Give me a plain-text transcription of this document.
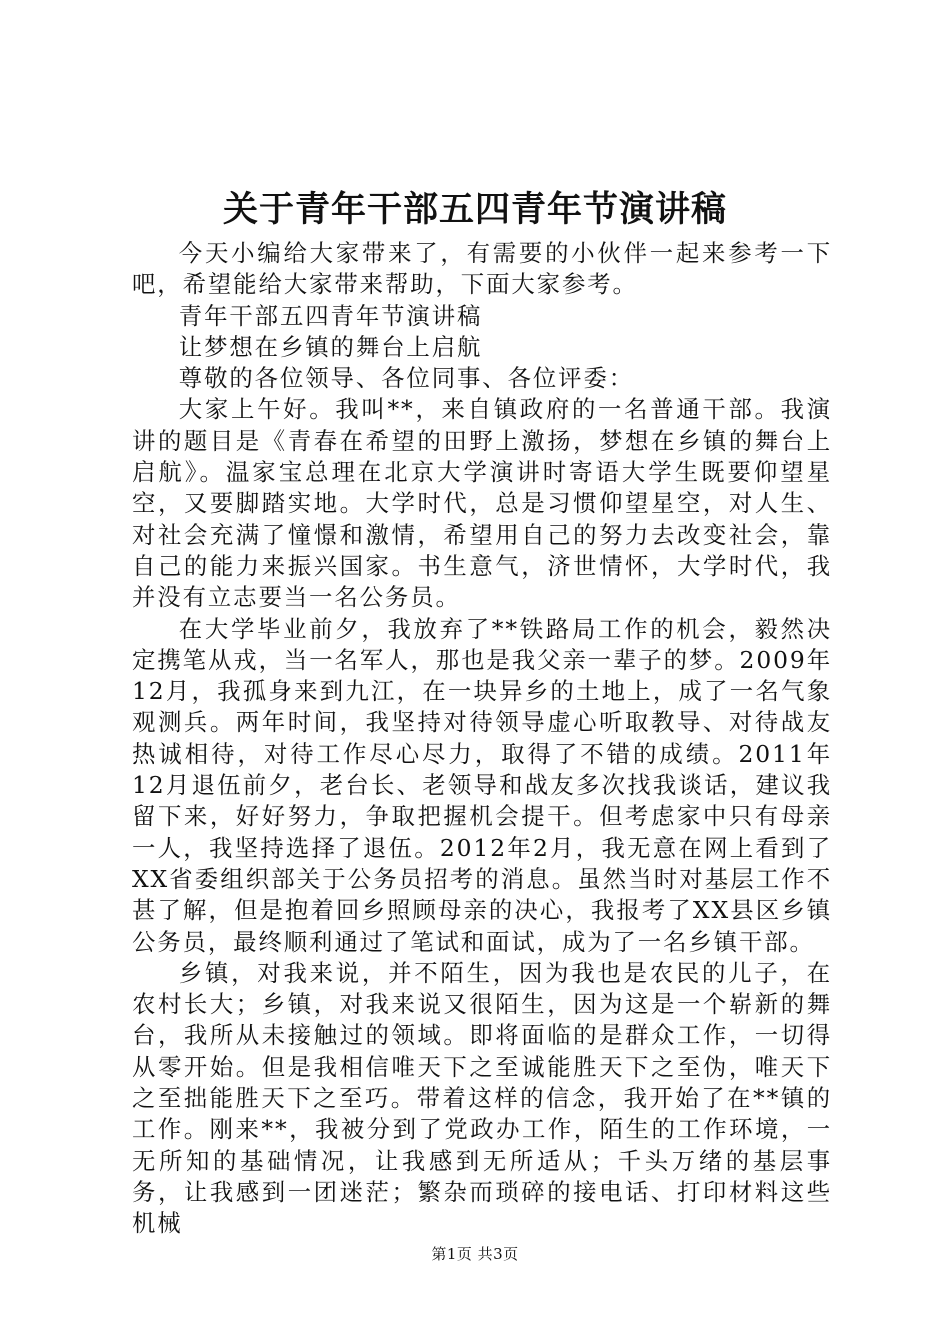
关于青年干部五四青年节演讲稿

今天小编给大家带来了，有需要的小伙伴一起来参考一下吧，希望能给大家带来帮助，下面大家参考。

青年干部五四青年节演讲稿

让梦想在乡镇的舞台上启航

尊敬的各位领导、各位同事、各位评委：

大家上午好。我叫**，来自镇政府的一名普通干部。我演讲的题目是《青春在希望的田野上激扬，梦想在乡镇的舞台上启航》。温家宝总理在北京大学演讲时寄语大学生既要仰望星空，又要脚踏实地。大学时代，总是习惯仰望星空，对人生、对社会充满了憧憬和激情，希望用自己的努力去改变社会，靠自己的能力来振兴国家。书生意气，济世情怀，大学时代，我并没有立志要当一名公务员。

在大学毕业前夕，我放弃了**铁路局工作的机会，毅然决定携笔从戎，当一名军人，那也是我父亲一辈子的梦。2009年12月，我孤身来到九江，在一块异乡的土地上，成了一名气象观测兵。两年时间，我坚持对待领导虚心听取教导、对待战友热诚相待，对待工作尽心尽力，取得了不错的成绩。2011年12月退伍前夕，老台长、老领导和战友多次找我谈话，建议我留下来，好好努力，争取把握机会提干。但考虑家中只有母亲一人，我坚持选择了退伍。2012年2月，我无意在网上看到了XX省委组织部关于公务员招考的消息。虽然当时对基层工作不甚了解，但是抱着回乡照顾母亲的决心，我报考了XX县区乡镇公务员，最终顺利通过了笔试和面试，成为了一名乡镇干部。

乡镇，对我来说，并不陌生，因为我也是农民的儿子，在农村长大；乡镇，对我来说又很陌生，因为这是一个崭新的舞台，我所从未接触过的领域。即将面临的是群众工作，一切得从零开始。但是我相信唯天下之至诚能胜天下之至伪，唯天下之至拙能胜天下之至巧。带着这样的信念，我开始了在**镇的工作。刚来**，我被分到了党政办工作，陌生的工作环境，一无所知的基础情况，让我感到无所适从；千头万绪的基层事务，让我感到一团迷茫；繁杂而琐碎的接电话、打印材料这些机械

第1页 共3页
